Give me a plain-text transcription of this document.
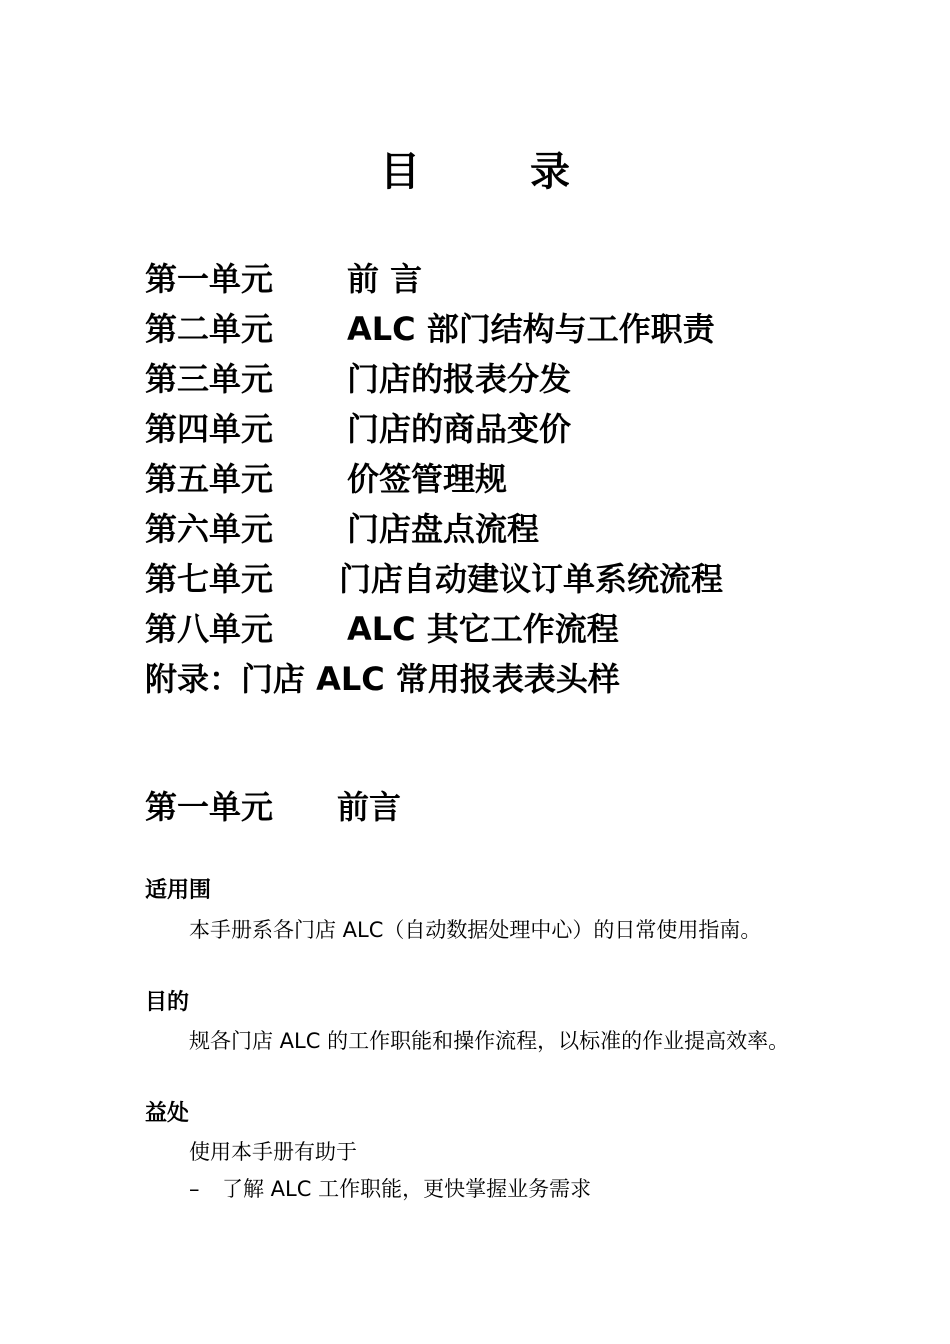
目 录
第一单元	前 言
第二单元	ALC 部门结构与工作职责
第三单元	门店的报表分发
第四单元	门店的商品变价
第五单元	价签管理规
第六单元	门店盘点流程
第七单元	门店自动建议订单系统流程
第八单元	ALC 其它工作流程
附录：门店 ALC 常用报表表头样
第一单元 前言
适用围
本手册系各门店 ALC（自动数据处理中心）的日常使用指南。
目的
规各门店 ALC 的工作职能和操作流程，以标准的作业提高效率。
益处
使用本手册有助于
– 了解 ALC 工作职能，更快掌握业务需求
